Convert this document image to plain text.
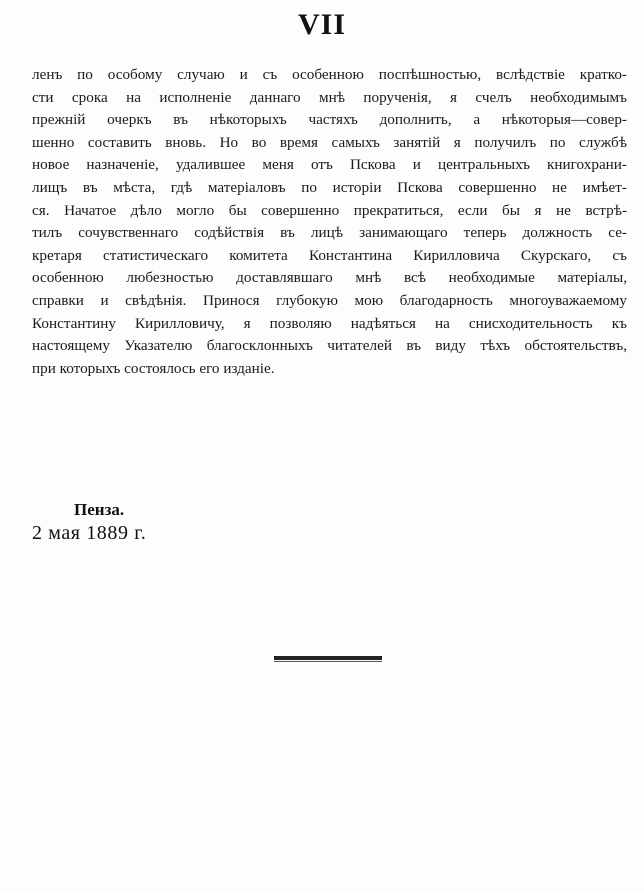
VII
ленъ по особому случаю и съ особенною поспѣшностью, вслѣдствіе кратко-
сти срока на исполненіе даннаго мнѣ порученія, я счелъ необходимымъ
прежній очеркъ въ нѣкоторыхъ частяхъ дополнить, а нѣкоторыя—совер-
шенно составить вновь. Но во время самыхъ занятій я получилъ по службѣ
новое назначеніе, удалившее меня отъ Пскова и центральныхъ книгохрани-
лищъ въ мѣста, гдѣ матеріаловъ по исторіи Пскова совершенно не имѣет-
ся. Начатое дѣло могло бы совершенно прекратиться, если бы я не встрѣ-
тилъ сочувственнаго содѣйствія въ лицѣ занимающаго теперь должность се-
кретаря статистическаго комитета Константина Кирилловича Скурскаго, съ
особенною любезностью доставлявшаго мнѣ всѣ необходимые матеріалы,
справки и свѣдѣнія. Принося глубокую мою благодарность многоуважаемому
Константину Кирилловичу, я позволяю надѣяться на снисходительность къ
настоящему Указателю благосклонныхъ читателей въ виду тѣхъ обстоятельствъ,
при которыхъ состоялось его изданіе.
Пенза.
2 мая 1889 г.
